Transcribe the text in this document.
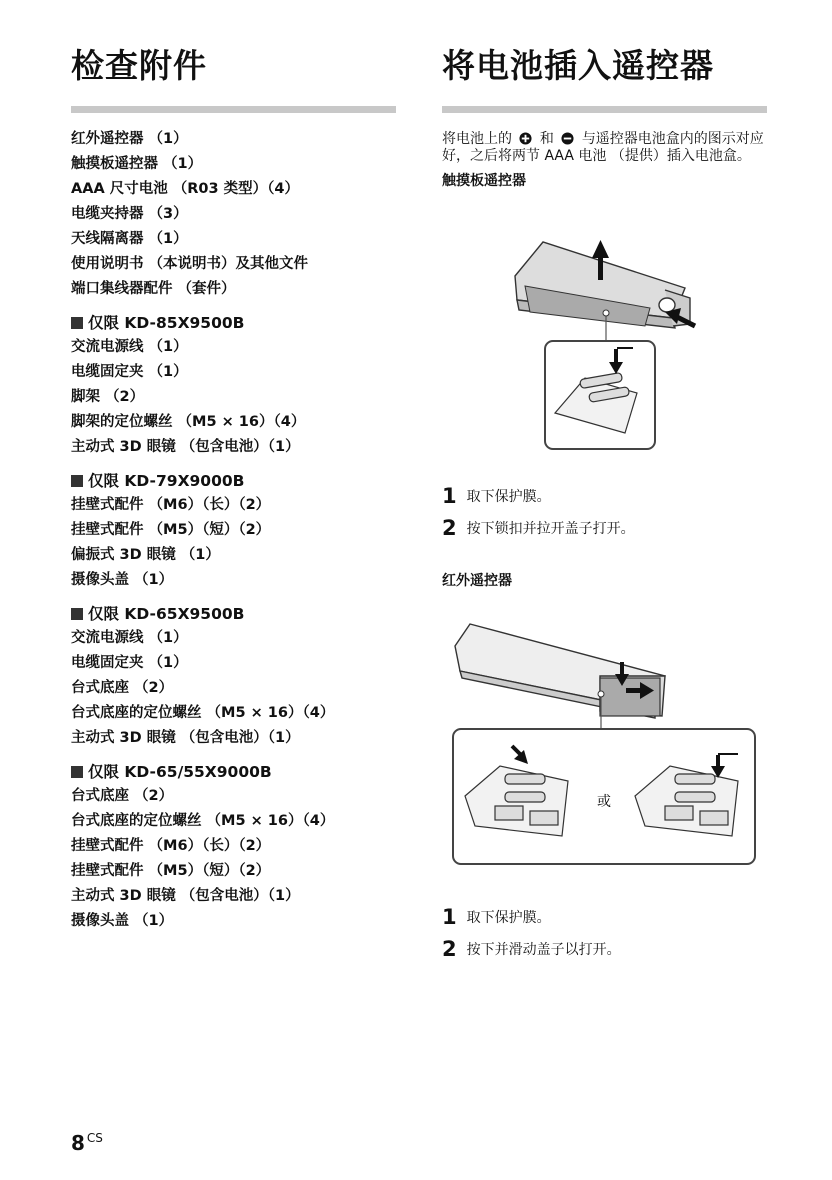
检查附件
红外遥控器 （1）
触摸板遥控器 （1）
AAA 尺寸电池 （R03 类型）（4）
电缆夹持器 （3）
天线隔离器 （1）
使用说明书 （本说明书）及其他文件
端口集线器配件 （套件）
仅限 KD-85X9500B
交流电源线 （1）
电缆固定夹 （1）
脚架 （2）
脚架的定位螺丝 （M5 × 16）（4）
主动式 3D 眼镜 （包含电池）（1）
仅限 KD-79X9000B
挂壁式配件 （M6）（长）（2）
挂壁式配件 （M5）（短）（2）
偏振式 3D 眼镜 （1）
摄像头盖 （1）
仅限 KD-65X9500B
交流电源线 （1）
电缆固定夹 （1）
台式底座 （2）
台式底座的定位螺丝 （M5 × 16）（4）
主动式 3D 眼镜 （包含电池）（1）
仅限 KD-65/55X9000B
台式底座 （2）
台式底座的定位螺丝 （M5 × 16）（4）
挂壁式配件 （M6）（长）（2）
挂壁式配件 （M5）（短）（2）
主动式 3D 眼镜 （包含电池）（1）
摄像头盖 （1）
将电池插入遥控器
将电池上的 和 与遥控器电池盒内的图示对应好，之后将两节 AAA 电池 （提供）插入电池盒。
触摸板遥控器
1 取下保护膜。
2 按下锁扣并拉开盖子打开。
红外遥控器
或
1 取下保护膜。
2 按下并滑动盖子以打开。
8 $^{CS}$
